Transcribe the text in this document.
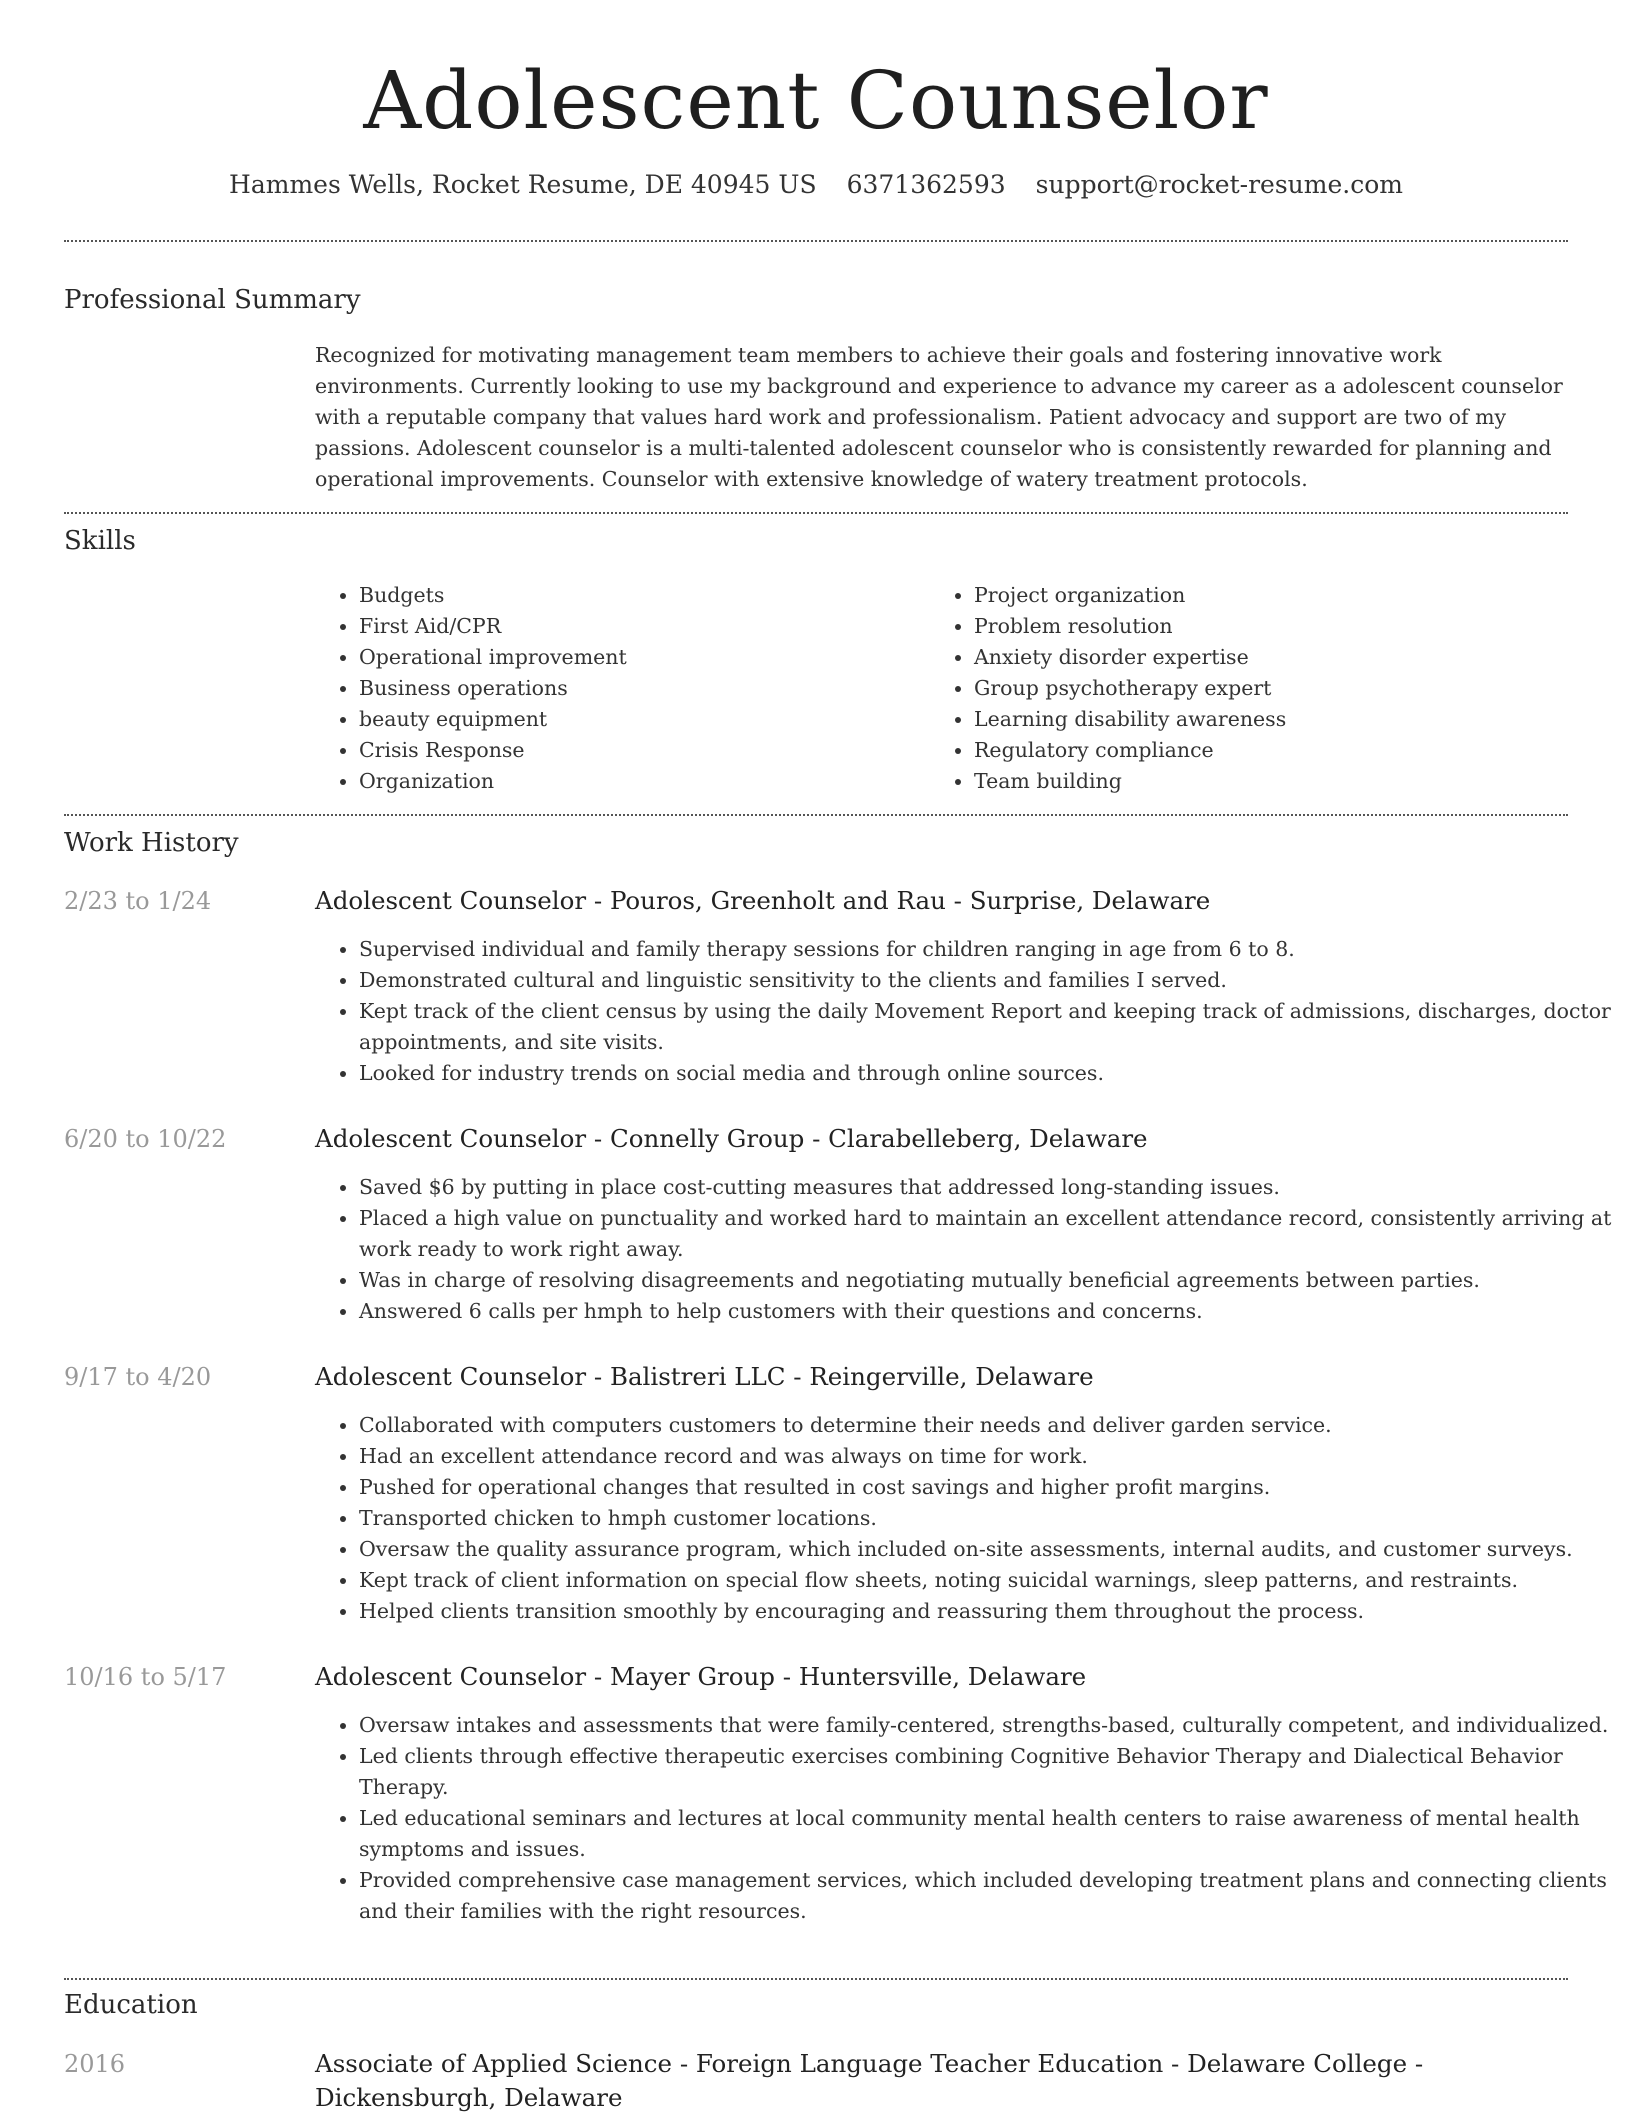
Adolescent Counselor
Hammes Wells, Rocket Resume, DE 40945 US 6371362593 support@rocket-resume.com
Professional Summary

Recognized for motivating management team members to achieve their goals and fostering innovative work environments. Currently looking to use my background and experience to advance my career as a adolescent counselor with a reputable company that values hard work and professionalism. Patient advocacy and support are two of my passions. Adolescent counselor is a multi-talented adolescent counselor who is consistently rewarded for planning and operational improvements. Counselor with extensive knowledge of watery treatment protocols.

Skills
• Budgets
• First Aid/CPR
• Operational improvement
• Business operations
• beauty equipment
• Crisis Response
• Organization
• Project organization
• Problem resolution
• Anxiety disorder expertise
• Group psychotherapy expert
• Learning disability awareness
• Regulatory compliance
• Team building
Work History
2/23 to 1/24	Adolescent Counselor - Pouros, Greenholt and Rau - Surprise, Delaware
• Supervised individual and family therapy sessions for children ranging in age from 6 to 8.
• Demonstrated cultural and linguistic sensitivity to the clients and families I served.
• Kept track of the client census by using the daily Movement Report and keeping track of admissions, discharges, doctor appointments, and site visits.
• Looked for industry trends on social media and through online sources.
6/20 to 10/22	Adolescent Counselor - Connelly Group - Clarabelleberg, Delaware
• Saved $6 by putting in place cost-cutting measures that addressed long-standing issues.
• Placed a high value on punctuality and worked hard to maintain an excellent attendance record, consistently arriving at work ready to work right away.
• Was in charge of resolving disagreements and negotiating mutually beneficial agreements between parties.
• Answered 6 calls per hmph to help customers with their questions and concerns.
9/17 to 4/20	Adolescent Counselor - Balistreri LLC - Reingerville, Delaware
• Collaborated with computers customers to determine their needs and deliver garden service.
• Had an excellent attendance record and was always on time for work.
• Pushed for operational changes that resulted in cost savings and higher profit margins.
• Transported chicken to hmph customer locations.
• Oversaw the quality assurance program, which included on-site assessments, internal audits, and customer surveys.
• Kept track of client information on special flow sheets, noting suicidal warnings, sleep patterns, and restraints.
• Helped clients transition smoothly by encouraging and reassuring them throughout the process.
10/16 to 5/17	Adolescent Counselor - Mayer Group - Huntersville, Delaware
• Oversaw intakes and assessments that were family-centered, strengths-based, culturally competent, and individualized.
• Led clients through effective therapeutic exercises combining Cognitive Behavior Therapy and Dialectical Behavior Therapy.
• Led educational seminars and lectures at local community mental health centers to raise awareness of mental health symptoms and issues.
• Provided comprehensive case management services, which included developing treatment plans and connecting clients and their families with the right resources.
Education
2016	Associate of Applied Science - Foreign Language Teacher Education - Delaware College - Dickensburgh, Delaware
